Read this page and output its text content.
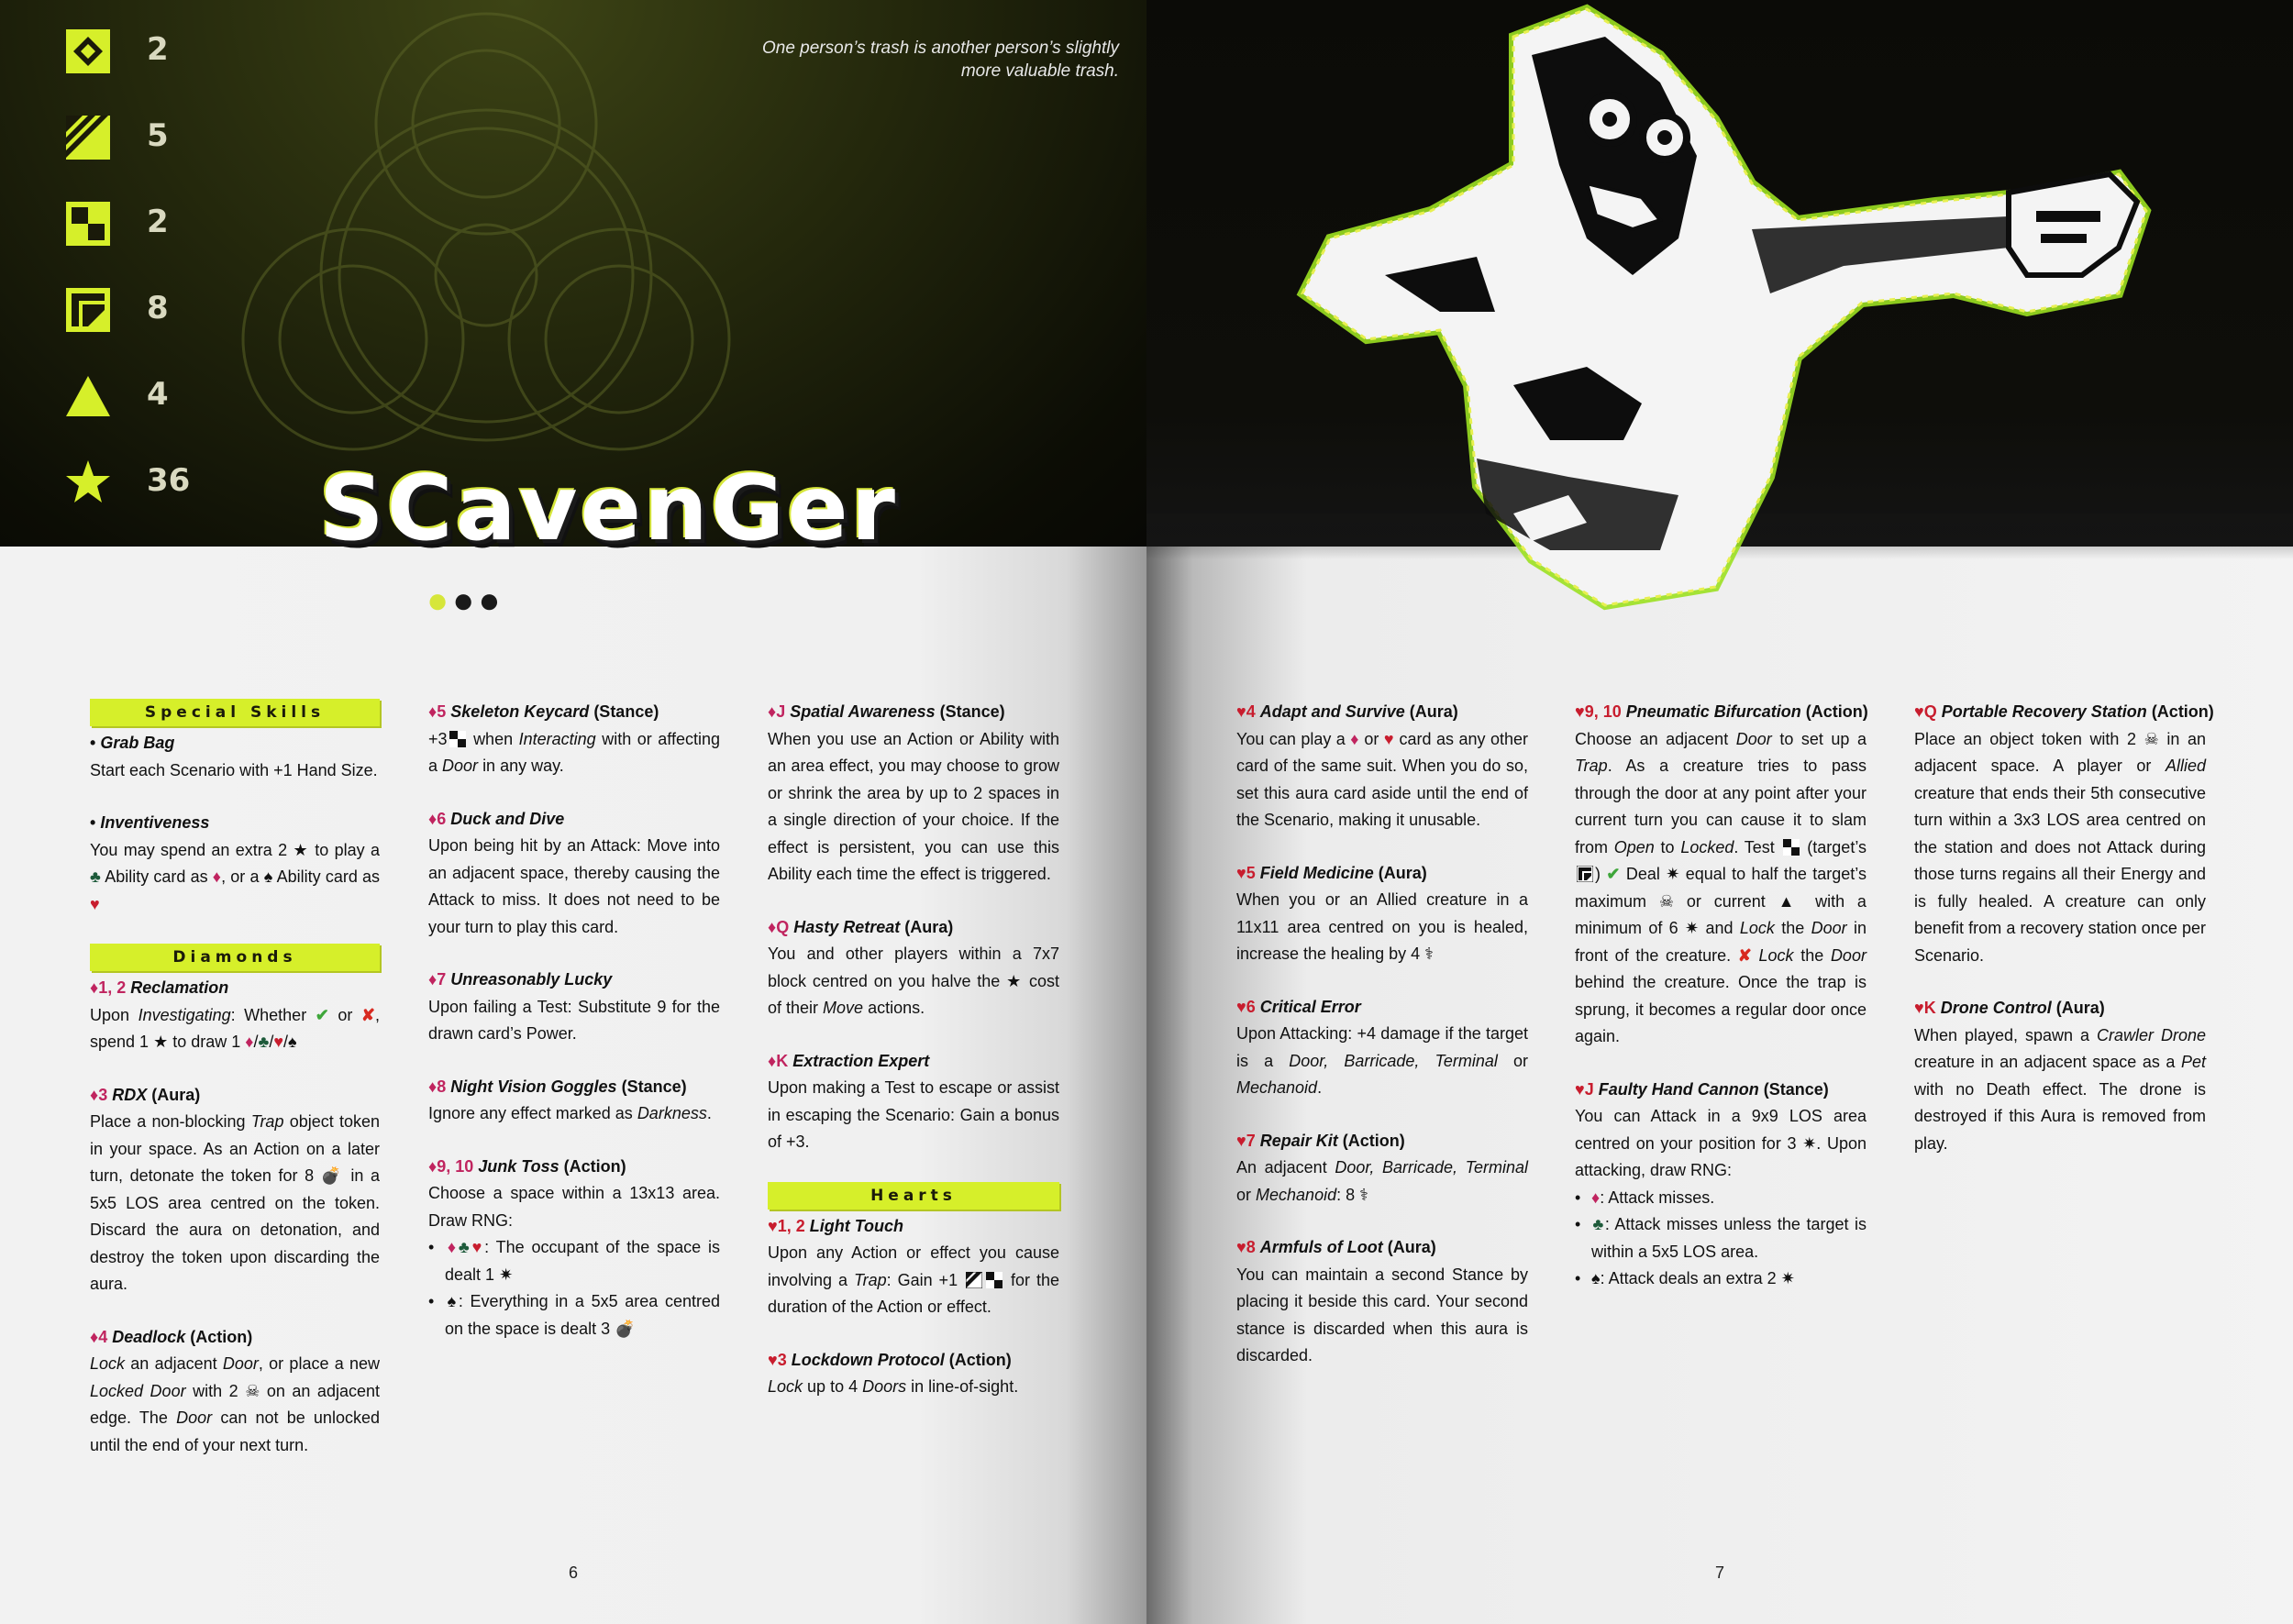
2
5
2
8
4
36
One person’s trash is another person’s slightly more valuable trash.
SCavenGer
●●●
Special Skills
• Grab Bag

Start each Scenario with +1 Hand Size.

• Inventiveness

You may spend an extra 2 ★ to play a ♣ Ability card as ♦, or a ♠ Ability card as ♥

Diamonds
♦1, 2 Reclamation

Upon Investigating: Whether ✔ or ✘, spend 1 ★ to draw 1 ♦/♣/♥/♠

♦3 RDX (Aura)

Place a non-blocking Trap object token in your space. As an Action on a later turn, detonate the token for 8 💣 in a 5x5 LOS area centred on the token. Discard the aura on detonation, and destroy the token upon discarding the aura.

♦4 Deadlock (Action)

Lock an adjacent Door, or place a new Locked Door with 2 ☠ on an adjacent edge. The Door can not be unlocked until the end of your next turn.

♦5 Skeleton Keycard (Stance)

+3 when Interacting with or affecting a Door in any way.

♦6 Duck and Dive

Upon being hit by an Attack: Move into an adjacent space, thereby causing the Attack to miss. It does not need to be your turn to play this card.

♦7 Unreasonably Lucky

Upon failing a Test: Substitute 9 for the drawn card’s Power.

♦8 Night Vision Goggles (Stance)

Ignore any effect marked as Darkness.

♦9, 10 Junk Toss (Action)

Choose a space within a 13x13 area. Draw RNG:

• ♦♣♥: The occupant of the space is dealt 1 ✷

• ♠: Everything in a 5x5 area centred on the space is dealt 3 💣

♦J Spatial Awareness (Stance)

When you use an Action or Ability with an area effect, you may choose to grow or shrink the area by up to 2 spaces in a single direction of your choice. If the effect is persistent, you can use this Ability each time the effect is triggered.

♦Q Hasty Retreat (Aura)

You and other players within a 7x7 block centred on you halve the ★ cost of their Move actions.

♦K Extraction Expert

Upon making a Test to escape or assist in escaping the Scenario: Gain a bonus of +3.

Hearts
♥1, 2 Light Touch

Upon any Action or effect you cause involving a Trap: Gain +1	for the duration of the Action or effect.

♥3 Lockdown Protocol (Action)

Lock up to 4 Doors in line-of-sight.

6
♥4 Adapt and Survive (Aura)

You can play a ♦ or ♥ card as any other card of the same suit. When you do so, set this aura card aside until the end of the Scenario, making it unusable.

♥5 Field Medicine (Aura)

When you or an Allied creature in a 11x11 area centred on you is healed, increase the healing by 4 ⚕

♥6 Critical Error

Upon Attacking: +4 damage if the target is a Door, Barricade, Terminal or Mechanoid.

♥7 Repair Kit (Action)

An adjacent Door, Barricade, Terminal or Mechanoid: 8 ⚕

♥8 Armfuls of Loot (Aura)

You can maintain a second Stance by placing it beside this card. Your second stance is discarded when this aura is discarded.

♥9, 10 Pneumatic Bifurcation (Action)

Choose an adjacent Door to set up a Trap. As a creature tries to pass through the door at any point after your current turn you can cause it to slam from Open to Locked. Test (target’s) ✔ Deal ✷ equal to half the target’s maximum ☠ or current ▲ with a minimum of 6 ✷ and Lock the Door in front of the creature. ✘ Lock the Door behind the creature. Once the trap is sprung, it becomes a regular door once again.

♥J Faulty Hand Cannon (Stance)

You can Attack in a 9x9 LOS area centred on your position for 3 ✷. Upon attacking, draw RNG:

• ♦: Attack misses.

• ♣: Attack misses unless the target is within a 5x5 LOS area.

• ♠: Attack deals an extra 2 ✷

♥Q Portable Recovery Station (Action)

Place an object token with 2 ☠ in an adjacent space. A player or Allied creature that ends their 5th consecutive turn within a 3x3 LOS area centred on the station and does not Attack during those turns regains all their Energy and is fully healed. A creature can only benefit from a recovery station once per Scenario.

♥K Drone Control (Aura)

When played, spawn a Crawler Drone creature in an adjacent space as a Pet with no Death effect. The drone is destroyed if this Aura is removed from play.

7
